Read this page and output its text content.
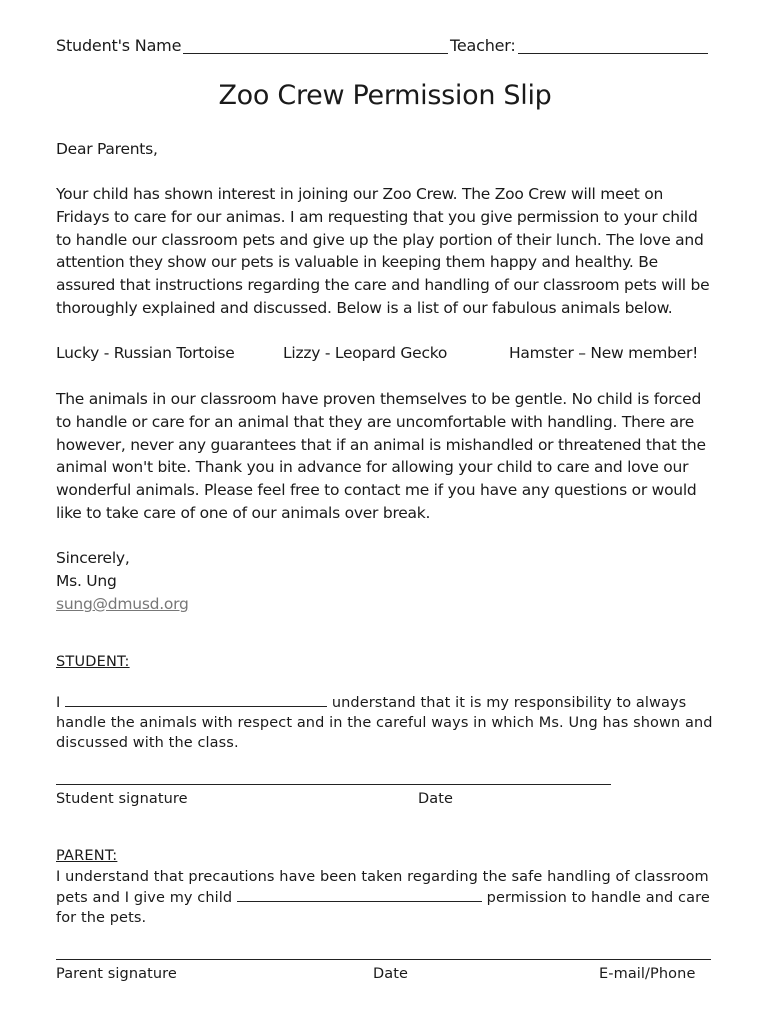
Student's Name	Teacher:
Zoo Crew Permission Slip
Dear Parents,
Your child has shown interest in joining our Zoo Crew. The Zoo Crew will meet on Fridays to care for our animas. I am requesting that you give permission to your child to handle our classroom pets and give up the play portion of their lunch. The love and attention they show our pets is valuable in keeping them happy and healthy. Be assured that instructions regarding the care and handling of our classroom pets will be thoroughly explained and discussed. Below is a list of our fabulous animals below.
Lucky - Russian Tortoise	Lizzy - Leopard Gecko	Hamster – New member!
The animals in our classroom have proven themselves to be gentle. No child is forced to handle or care for an animal that they are uncomfortable with handling. There are however, never any guarantees that if an animal is mishandled or threatened that the animal won't bite. Thank you in advance for allowing your child to care and love our wonderful animals. Please feel free to contact me if you have any questions or would like to take care of one of our animals over break.
Sincerely,
Ms. Ung
sung@dmusd.org
STUDENT:
I	understand that it is my responsibility to always handle the animals with respect and in the careful ways in which Ms. Ung has shown and discussed with the class.
Student signature	Date
PARENT:
I understand that precautions have been taken regarding the safe handling of classroom pets and I give my child	permission to handle and care for the pets.
Parent signature	Date	E-mail/Phone
